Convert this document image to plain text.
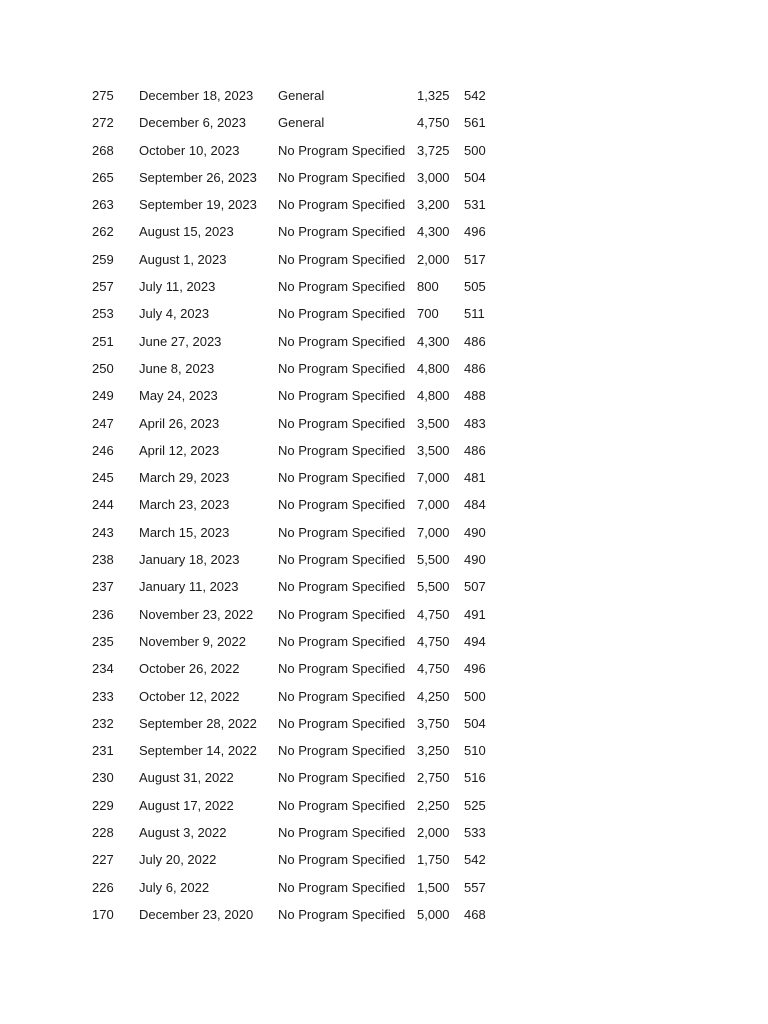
275 December 18, 2023 General	1,325 542
272 December 6, 2023 General	4,750 561
268 October 10, 2023	No Program Specified 3,725 500
265 September 26, 2023 No Program Specified 3,000 504
263 September 19, 2023 No Program Specified 3,200 531
262 August 15, 2023	No Program Specified 4,300 496
259 August 1, 2023	No Program Specified 2,000 517
257 July 11, 2023	No Program Specified 800 505
253 July 4, 2023	No Program Specified 700 511
251 June 27, 2023	No Program Specified 4,300 486
250 June 8, 2023	No Program Specified 4,800 486
249 May 24, 2023	No Program Specified 4,800 488
247 April 26, 2023	No Program Specified 3,500 483
246 April 12, 2023	No Program Specified 3,500 486
245 March 29, 2023	No Program Specified 7,000 481
244 March 23, 2023	No Program Specified 7,000 484
243 March 15, 2023	No Program Specified 7,000 490
238 January 18, 2023	No Program Specified 5,500 490
237 January 11, 2023	No Program Specified 5,500 507
236 November 23, 2022 No Program Specified 4,750 491
235 November 9, 2022 No Program Specified 4,750 494
234 October 26, 2022	No Program Specified 4,750 496
233 October 12, 2022	No Program Specified 4,250 500
232 September 28, 2022 No Program Specified 3,750 504
231 September 14, 2022 No Program Specified 3,250 510
230 August 31, 2022	No Program Specified 2,750 516
229 August 17, 2022	No Program Specified 2,250 525
228 August 3, 2022	No Program Specified 2,000 533
227 July 20, 2022	No Program Specified 1,750 542
226 July 6, 2022	No Program Specified 1,500 557
170 December 23, 2020 No Program Specified 5,000 468
